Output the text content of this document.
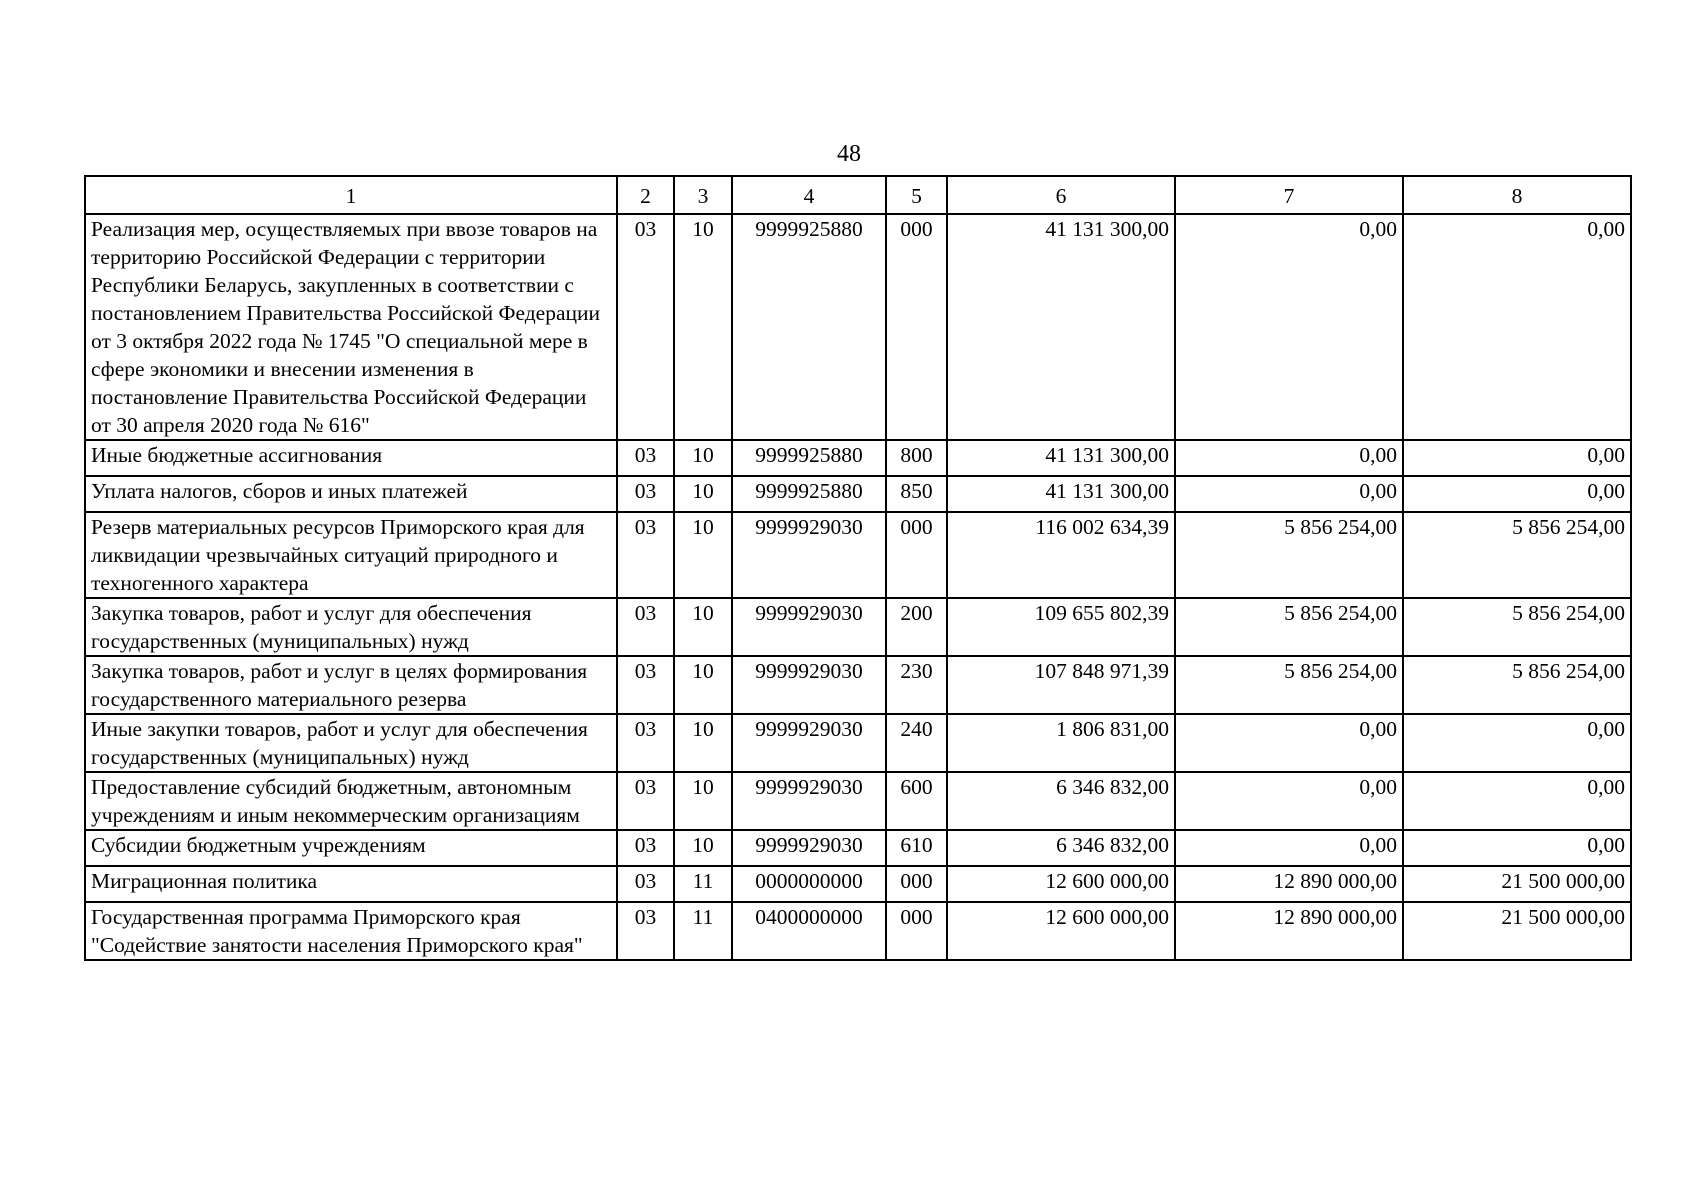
48
1	2	3	4	5	6	7	8
Реализация мер, осуществляемых при ввозе товаров на территорию Российской Федерации с территории Республики Беларусь, закупленных в соответствии с постановлением Правительства Российской Федерации от 3 октября 2022 года № 1745 "О специальной мере в сфере экономики и внесении изменения в постановление Правительства Российской Федерации от 30 апреля 2020 года № 616"	03	10	9999925880	000	41 131 300,00	0,00	0,00
Иные бюджетные ассигнования	03	10	9999925880	800	41 131 300,00	0,00	0,00
Уплата налогов, сборов и иных платежей	03	10	9999925880	850	41 131 300,00	0,00	0,00
Резерв материальных ресурсов Приморского края для ликвидации чрезвычайных ситуаций природного и техногенного характера	03	10	9999929030	000	116 002 634,39	5 856 254,00	5 856 254,00
Закупка товаров, работ и услуг для обеспечения государственных (муниципальных) нужд	03	10	9999929030	200	109 655 802,39	5 856 254,00	5 856 254,00
Закупка товаров, работ и услуг в целях формирования государственного материального резерва	03	10	9999929030	230	107 848 971,39	5 856 254,00	5 856 254,00
Иные закупки товаров, работ и услуг для обеспечения государственных (муниципальных) нужд	03	10	9999929030	240	1 806 831,00	0,00	0,00
Предоставление субсидий бюджетным, автономным учреждениям и иным некоммерческим организациям	03	10	9999929030	600	6 346 832,00	0,00	0,00
Субсидии бюджетным учреждениям	03	10	9999929030	610	6 346 832,00	0,00	0,00
Миграционная политика	03	11	0000000000	000	12 600 000,00	12 890 000,00	21 500 000,00
Государственная программа Приморского края "Содействие занятости населения Приморского края"	03	11	0400000000	000	12 600 000,00	12 890 000,00	21 500 000,00
